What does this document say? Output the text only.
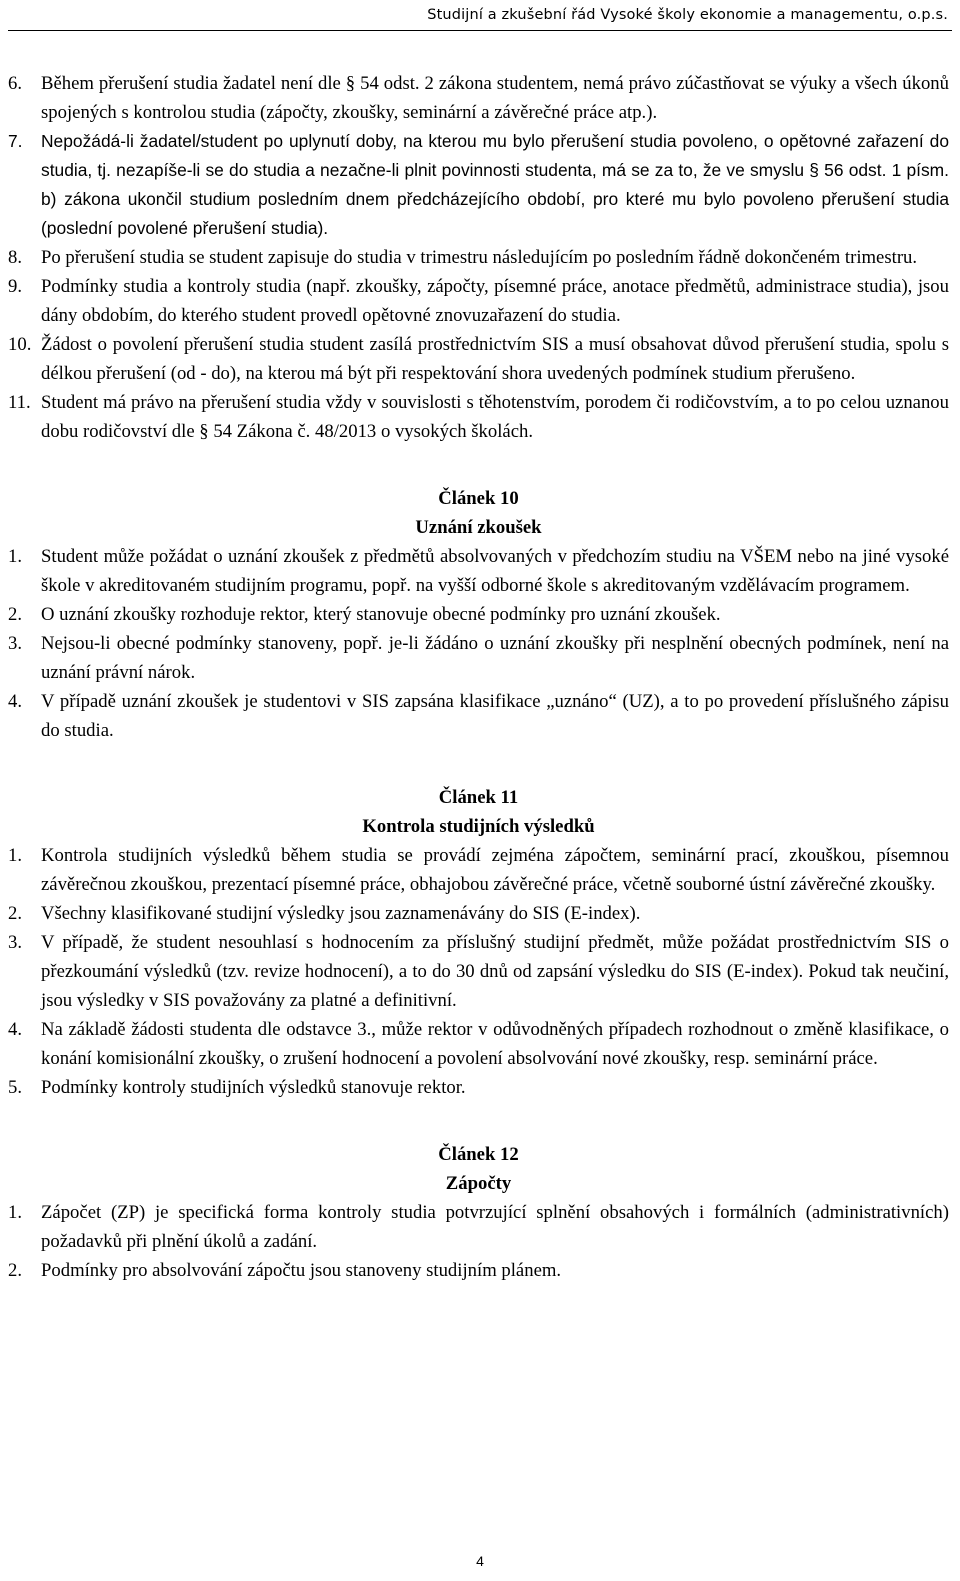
Studijní a zkušební řád Vysoké školy ekonomie a managementu, o.p.s.
6. Během přerušení studia žadatel není dle § 54 odst. 2 zákona studentem, nemá právo zúčastňovat se výuky a všech úkonů spojených s kontrolou studia (zápočty, zkoušky, seminární a závěrečné práce atp.).
7. Nepožádá-li žadatel/student po uplynutí doby, na kterou mu bylo přerušení studia povoleno, o opětovné zařazení do studia, tj. nezapíše-li se do studia a nezačne-li plnit povinnosti studenta, má se za to, že ve smyslu § 56 odst. 1 písm. b) zákona ukončil studium posledním dnem předcházejícího období, pro které mu bylo povoleno přerušení studia (poslední povolené přerušení studia).
8. Po přerušení studia se student zapisuje do studia v trimestru následujícím po posledním řádně dokončeném trimestru.
9. Podmínky studia a kontroly studia (např. zkoušky, zápočty, písemné práce, anotace předmětů, administrace studia), jsou dány obdobím, do kterého student provedl opětovné znovuzařazení do studia.
10. Žádost o povolení přerušení studia student zasílá prostřednictvím SIS a musí obsahovat důvod přerušení studia, spolu s délkou přerušení (od - do), na kterou má být při respektování shora uvedených podmínek studium přerušeno.
11. Student má právo na přerušení studia vždy v souvislosti s těhotenstvím, porodem či rodičovstvím, a to po celou uznanou dobu rodičovství dle § 54 Zákona č. 48/2013 o vysokých školách.
Článek 10
Uznání zkoušek
1. Student může požádat o uznání zkoušek z předmětů absolvovaných v předchozím studiu na VŠEM nebo na jiné vysoké škole v akreditovaném studijním programu, popř. na vyšší odborné škole s akreditovaným vzdělávacím programem.
2. O uznání zkoušky rozhoduje rektor, který stanovuje obecné podmínky pro uznání zkoušek.
3. Nejsou-li obecné podmínky stanoveny, popř. je-li žádáno o uznání zkoušky při nesplnění obecných podmínek, není na uznání právní nárok.
4. V případě uznání zkoušek je studentovi v SIS zapsána klasifikace „uznáno“ (UZ), a to po provedení příslušného zápisu do studia.
Článek 11
Kontrola studijních výsledků
1. Kontrola studijních výsledků během studia se provádí zejména zápočtem, seminární prací, zkouškou, písemnou závěrečnou zkouškou, prezentací písemné práce, obhajobou závěrečné práce, včetně souborné ústní závěrečné zkoušky.
2. Všechny klasifikované studijní výsledky jsou zaznamenávány do SIS (E-index).
3. V případě, že student nesouhlasí s hodnocením za příslušný studijní předmět, může požádat prostřednictvím SIS o přezkoumání výsledků (tzv. revize hodnocení), a to do 30 dnů od zapsání výsledku do SIS (E-index). Pokud tak neučiní, jsou výsledky v SIS považovány za platné a definitivní.
4. Na základě žádosti studenta dle odstavce 3., může rektor v odůvodněných případech rozhodnout o změně klasifikace, o konání komisionální zkoušky, o zrušení hodnocení a povolení absolvování nové zkoušky, resp. seminární práce.
5. Podmínky kontroly studijních výsledků stanovuje rektor.
Článek 12
Zápočty
1. Zápočet (ZP) je specifická forma kontroly studia potvrzující splnění obsahových i formálních (administrativních) požadavků při plnění úkolů a zadání.
2. Podmínky pro absolvování zápočtu jsou stanoveny studijním plánem.
4
